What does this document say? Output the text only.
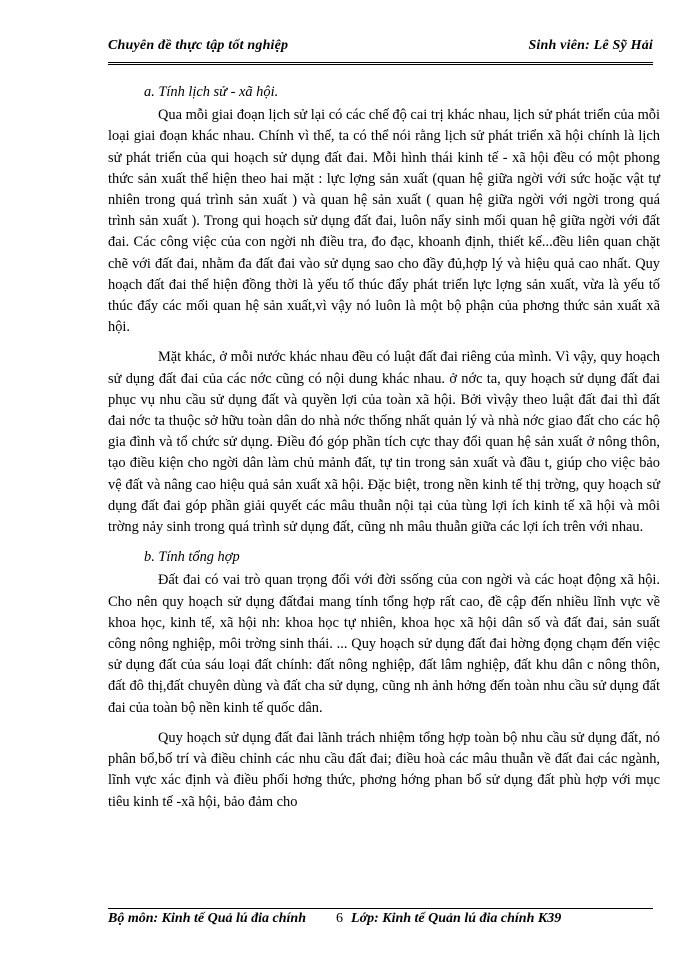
Chuyên đề thực tập tốt nghiệp	Sinh viên: Lê Sỹ Hải

a. Tính lịch sử - xã hội.

Qua mỗi giai đoạn lịch sử lại có các chế độ cai trị khác nhau, lịch sử phát triển của mỗi loại giai đoạn khác nhau. Chính vì thế, ta có thể nói rằng lịch sử phát triển xã hội chính là lịch sử phát triển của qui hoạch sử dụng đất đai. Mỗi hình thái kinh tế - xã hội đều có một phong thức sản xuất thể hiện theo hai mặt : lực lợng sản xuất (quan hệ giữa ngời với sức hoặc vật tự nhiên trong quá trình sản xuất ) và quan hệ sản xuất ( quan hệ giữa ngời với ngời trong quá trình sản xuất ). Trong qui hoạch sử dụng đất đai, luôn nẩy sinh mối quan hệ giữa ngời với đất đai. Các công việc của con ngời nh điều tra, đo đạc, khoanh định, thiết kế...đều liên quan chặt chẽ với đất đai, nhằm đa đất đai vào sử dụng sao cho đầy đủ,hợp lý và hiệu quả cao nhất. Quy hoạch đất đai thể hiện đồng thời là yếu tố thúc đẩy phát triển lực lợng sản xuất, vừa là yếu tố thúc đẩy các mối quan hệ sản xuất,vì vậy nó luôn là một bộ phận của phơng thức sản xuất xã hội.

Mặt khác, ở mỗi nước khác nhau đều có luật đất đai riêng của mình. Vì vậy, quy hoạch sử dụng đất đai của các nớc cũng có nội dung khác nhau. ở nớc ta, quy hoạch sử dụng đất đai phục vụ nhu cầu sử dụng đất và quyền lợi của toàn xã hội. Bởi vìvậy theo luật đất đai thì đất đai nớc ta thuộc sở hữu toàn dân do nhà nớc thống nhất quản lý và nhà nớc giao đất cho các hộ gia đình và tổ chức sử dụng. Điều đó góp phần tích cực thay đổi quan hệ sản xuất ở nông thôn, tạo điều kiện cho ngời dân làm chủ mảnh đất, tự tin trong sản xuất và đầu t, giúp cho việc bảo vệ đất và nâng cao hiệu quả sản xuất xã hội. Đặc biệt, trong nền kinh tế thị trờng, quy hoạch sử dụng đất đai góp phần giải quyết các mâu thuẫn nội tại của tùng lợi ích kinh tế xã hội và môi trờng nảy sinh trong quá trình sử dụng đất, cũng nh mâu thuẫn giữa các lợi ích trên với nhau.

b. Tính tổng hợp

Đất đai có vai trò quan trọng đối với đời ssống của con ngời và các hoạt động xã hội. Cho nên quy hoạch sử dụng đấtđai mang tính tổng hợp rất cao, đề cập đến nhiều lĩnh vực về khoa học, kinh tế, xã hội nh: khoa học tự nhiên, khoa học xã hội dân số và đất đai, sản suất công nông nghiệp, môi trờng sinh thái. ... Quy hoạch sử dụng đất đai hờng đọng chạm đến việc sử dụng đất của sáu loại đất chính: đất nông nghiệp, đất lâm nghiệp, đất khu dân c nông thôn, đất đô thị,đất chuyên dùng và đất cha sử dụng, cũng nh ảnh hởng đến toàn nhu cầu sử dụng đất đai của toàn bộ nền kinh tế quốc dân.

Quy hoạch sử dụng đất đai lãnh trách nhiệm tổng hợp toàn bộ nhu cầu sử dụng đất, nó phân bổ,bố trí và điều chỉnh các nhu cầu đất đai; điều hoà các mâu thuẫn về đất đai các ngành, lĩnh vực xác định và điều phối hơng thức, phơng hớng phan bổ sử dụng đất phù hợp với mục tiêu kinh tế -xã hội, bảo đảm cho

Bộ môn: Kinh tế Quả lú đia chính 6 Lớp: Kinh tế Quản lú đia chính K39
